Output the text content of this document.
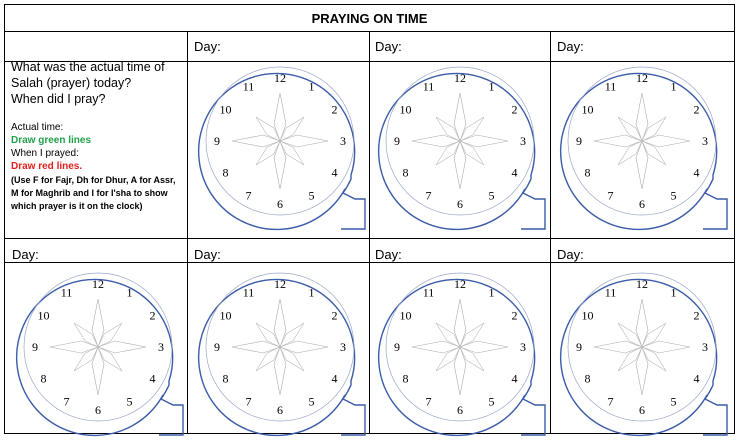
PRAYING ON TIME
Day:	Day:	Day:
Day:	Day:	Day:	Day:
What was the actual time of
Salah (prayer) today?
When did I pray?
Actual time:
Draw green lines
When I prayed:
Draw red lines.
(Use F for Fajr, Dh for Dhur, A for Assr,
M for Maghrib and I for I'sha to show
which prayer is it on the clock)
12
1
2
3
4
5
6
7
8
9
10
11
12
1
2
3
4
5
6
7
8
9
10
11
12
1
2
3
4
5
6
7
8
9
10
11
12
1
2
3
4
5
6
7
8
9
10
11
12
1
2
3
4
5
6
7
8
9
10
11
12
1
2
3
4
5
6
7
8
9
10
11
12
1
2
3
4
5
6
7
8
9
10
11
